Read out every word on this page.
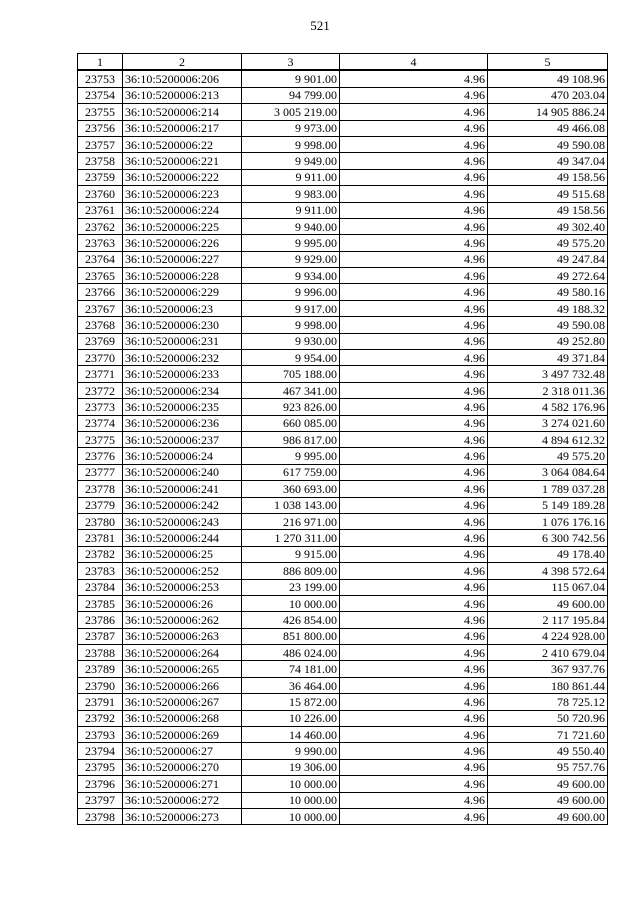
521
1	2	3	4	5
23753	36:10:5200006:206	9 901.00	4.96	49 108.96
23754	36:10:5200006:213	94 799.00	4.96	470 203.04
23755	36:10:5200006:214	3 005 219.00	4.96	14 905 886.24
23756	36:10:5200006:217	9 973.00	4.96	49 466.08
23757	36:10:5200006:22	9 998.00	4.96	49 590.08
23758	36:10:5200006:221	9 949.00	4.96	49 347.04
23759	36:10:5200006:222	9 911.00	4.96	49 158.56
23760	36:10:5200006:223	9 983.00	4.96	49 515.68
23761	36:10:5200006:224	9 911.00	4.96	49 158.56
23762	36:10:5200006:225	9 940.00	4.96	49 302.40
23763	36:10:5200006:226	9 995.00	4.96	49 575.20
23764	36:10:5200006:227	9 929.00	4.96	49 247.84
23765	36:10:5200006:228	9 934.00	4.96	49 272.64
23766	36:10:5200006:229	9 996.00	4.96	49 580.16
23767	36:10:5200006:23	9 917.00	4.96	49 188.32
23768	36:10:5200006:230	9 998.00	4.96	49 590.08
23769	36:10:5200006:231	9 930.00	4.96	49 252.80
23770	36:10:5200006:232	9 954.00	4.96	49 371.84
23771	36:10:5200006:233	705 188.00	4.96	3 497 732.48
23772	36:10:5200006:234	467 341.00	4.96	2 318 011.36
23773	36:10:5200006:235	923 826.00	4.96	4 582 176.96
23774	36:10:5200006:236	660 085.00	4.96	3 274 021.60
23775	36:10:5200006:237	986 817.00	4.96	4 894 612.32
23776	36:10:5200006:24	9 995.00	4.96	49 575.20
23777	36:10:5200006:240	617 759.00	4.96	3 064 084.64
23778	36:10:5200006:241	360 693.00	4.96	1 789 037.28
23779	36:10:5200006:242	1 038 143.00	4.96	5 149 189.28
23780	36:10:5200006:243	216 971.00	4.96	1 076 176.16
23781	36:10:5200006:244	1 270 311.00	4.96	6 300 742.56
23782	36:10:5200006:25	9 915.00	4.96	49 178.40
23783	36:10:5200006:252	886 809.00	4.96	4 398 572.64
23784	36:10:5200006:253	23 199.00	4.96	115 067.04
23785	36:10:5200006:26	10 000.00	4.96	49 600.00
23786	36:10:5200006:262	426 854.00	4.96	2 117 195.84
23787	36:10:5200006:263	851 800.00	4.96	4 224 928.00
23788	36:10:5200006:264	486 024.00	4.96	2 410 679.04
23789	36:10:5200006:265	74 181.00	4.96	367 937.76
23790	36:10:5200006:266	36 464.00	4.96	180 861.44
23791	36:10:5200006:267	15 872.00	4.96	78 725.12
23792	36:10:5200006:268	10 226.00	4.96	50 720.96
23793	36:10:5200006:269	14 460.00	4.96	71 721.60
23794	36:10:5200006:27	9 990.00	4.96	49 550.40
23795	36:10:5200006:270	19 306.00	4.96	95 757.76
23796	36:10:5200006:271	10 000.00	4.96	49 600.00
23797	36:10:5200006:272	10 000.00	4.96	49 600.00
23798	36:10:5200006:273	10 000.00	4.96	49 600.00
